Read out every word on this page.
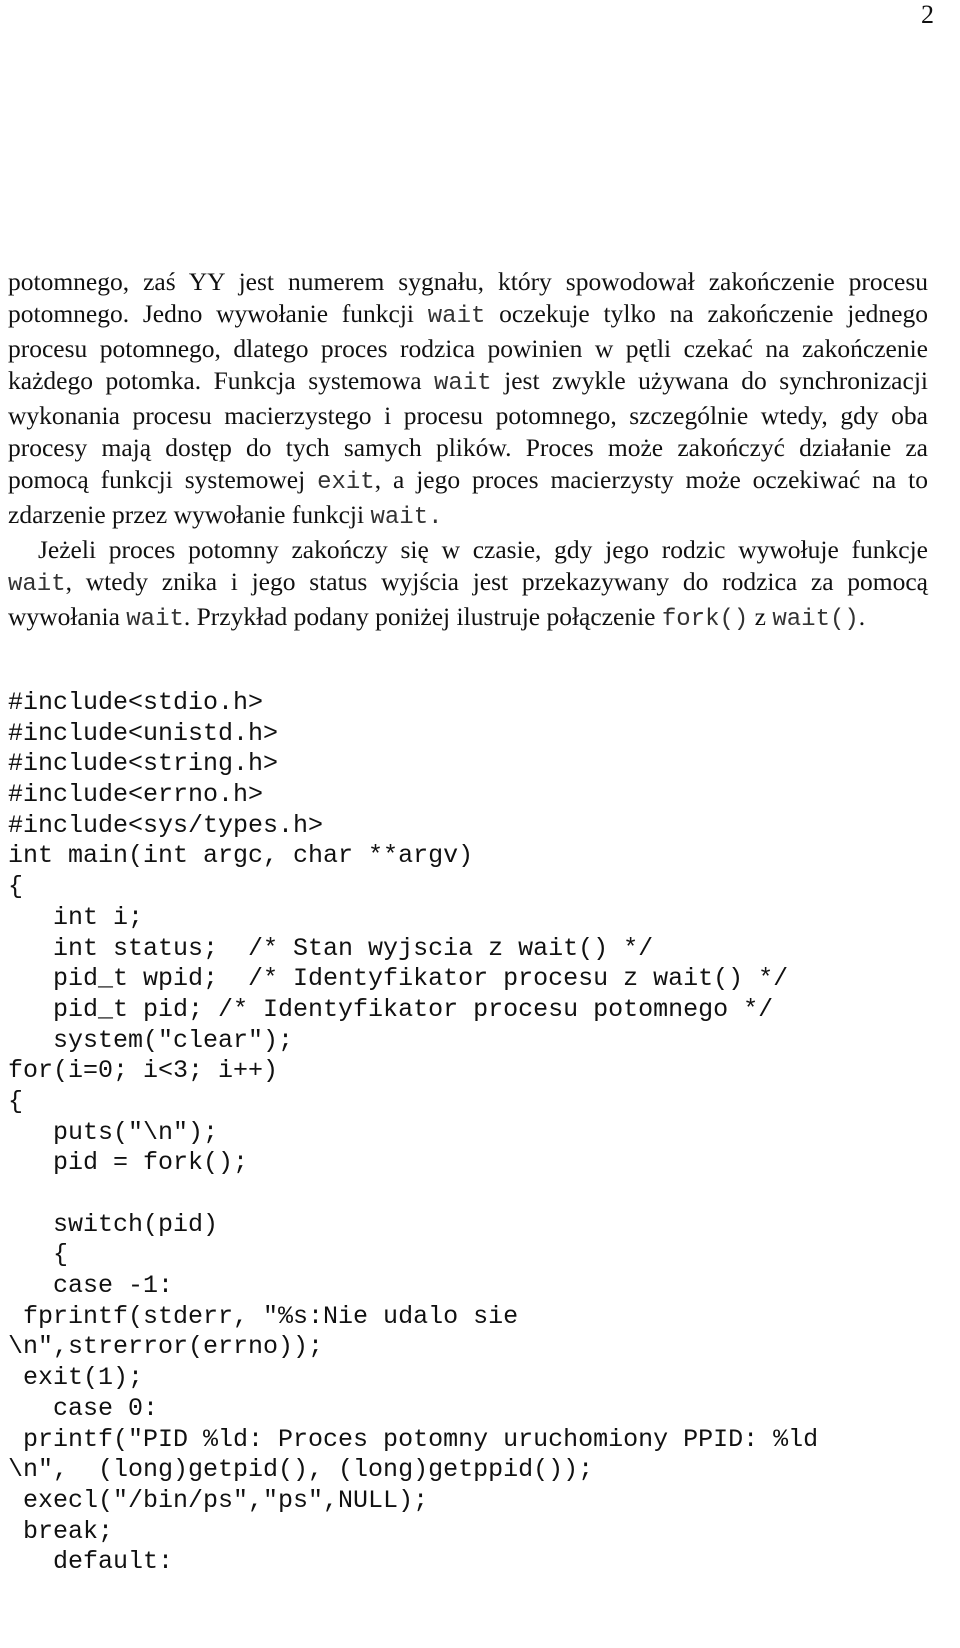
2

potomnego, zaś YY jest numerem sygnału, który spowodował zakończenie procesu potomnego. Jedno wywołanie funkcji wait oczekuje tylko na zakończenie jednego procesu potomnego, dlatego proces rodzica powinien w pętli czekać na zakończenie każdego potomka. Funkcja systemowa wait jest zwykle używana do synchronizacji wykonania procesu macierzystego i procesu potomnego, szczególnie wtedy, gdy oba procesy mają dostęp do tych samych plików. Proces może zakończyć działanie za pomocą funkcji systemowej exit, a jego proces macierzysty może oczekiwać na to zdarzenie przez wywołanie funkcji wait.

Jeżeli proces potomny zakończy się w czasie, gdy jego rodzic wywołuje funkcje wait, wtedy znika i jego status wyjścia jest przekazywany do rodzica za pomocą wywołania wait. Przykład podany poniżej ilustruje połączenie fork() z wait().

#include<stdio.h>
#include<unistd.h>
#include<string.h>
#include<errno.h>
#include<sys/types.h>
int main(int argc, char **argv)
{
int i;
int status;  /* Stan wyjscia z wait() */
pid_t wpid;  /* Identyfikator procesu z wait() */
pid_t pid; /* Identyfikator procesu potomnego */
system("clear");
for(i=0; i<3; i++)
{
puts("\n");
pid = fork();
switch(pid)
{
case -1:
fprintf(stderr, "%s:Nie udalo sie
\n",strerror(errno));
exit(1);
case 0:
printf("PID %ld: Proces potomny uruchomiony PPID: %ld
\n",  (long)getpid(), (long)getppid());
execl("/bin/ps","ps",NULL);
break;
default:
